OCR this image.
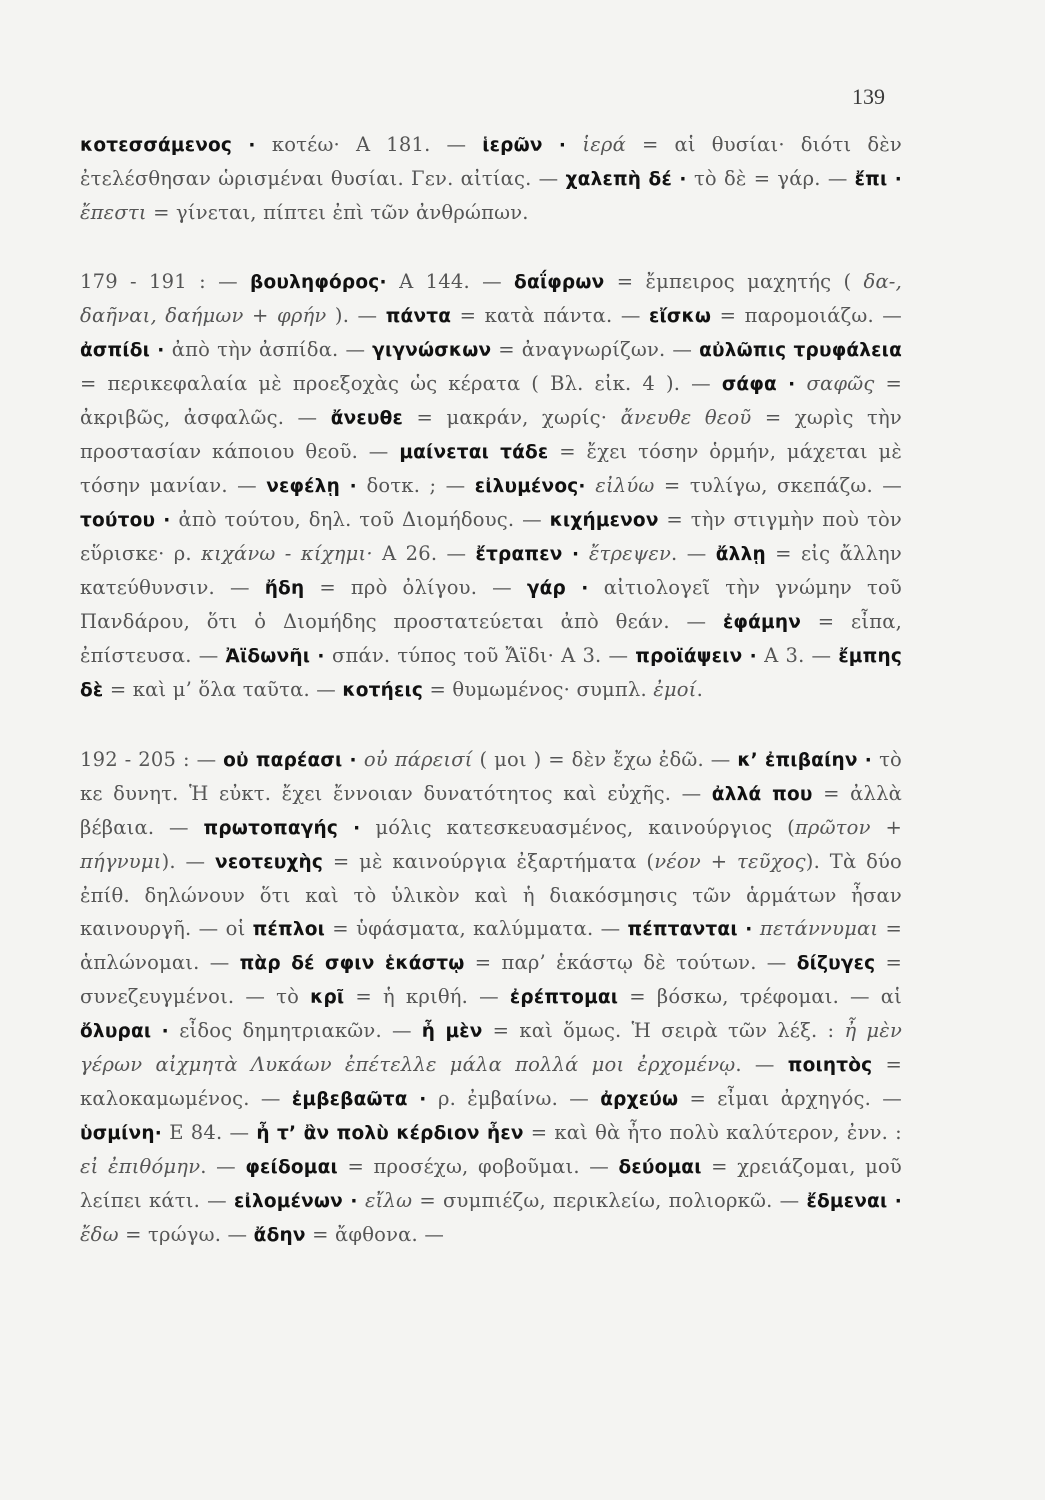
139

κοτεσσάμενος · κοτέω· Α 181. — ἱερῶν · ἱερά = αἱ θυσίαι· διότι δὲν ἐτελέσθησαν ὡρισμέναι θυσίαι. Γεν. αἰτίας. — χαλεπὴ δέ · τὸ δὲ = γάρ. — ἔπι · ἔπεστι = γίνεται, πίπτει ἐπὶ τῶν ἀνθρώπων.

179 - 191 : — βουληφόρος· Α 144. — δαΐφρων = ἔμπειρος μαχητής ( δα-, δαῆναι, δαήμων + φρήν ). — πάντα = κατὰ πάντα. — εἴσκω = παρομοιάζω. — ἀσπίδι · ἀπὸ τὴν ἀσπίδα. — γιγνώσκων = ἀναγνωρίζων. — αὐλῶπις τρυφάλεια = περικεφαλαία μὲ προεξοχὰς ὡς κέρατα ( Βλ. εἰκ. 4 ). — σάφα · σαφῶς = ἀκριβῶς, ἀσφαλῶς. — ἄνευθε = μακράν, χωρίς· ἄνευθε θεοῦ = χωρὶς τὴν προστασίαν κάποιου θεοῦ. — μαίνεται τάδε = ἔχει τόσην ὁρμήν, μάχεται μὲ τόσην μανίαν. — νεφέλῃ · δοτκ. ; — εἰλυμένος· εἰλύω = τυλίγω, σκεπάζω. — τούτου · ἀπὸ τούτου, δηλ. τοῦ Διομήδους. — κιχήμενον = τὴν στιγμὴν ποὺ τὸν εὕρισκε· ρ. κιχάνω - κίχημι· Α 26. — ἔτραπεν · ἔτρεψεν. — ἄλλῃ = εἰς ἄλλην κατεύθυνσιν. — ἤδη = πρὸ ὀλίγου. — γάρ · αἰτιολογεῖ τὴν γνώμην τοῦ Πανδάρου, ὅτι ὁ Διομήδης προστατεύεται ἀπὸ θεάν. — ἐφάμην = εἶπα, ἐπίστευσα. — Ἀϊδωνῆι · σπάν. τύπος τοῦ Ἄϊδι· Α 3. — προϊάψειν · Α 3. — ἔμπης δὲ = καὶ μ’ ὅλα ταῦτα. — κοτήεις = θυμωμένος· συμπλ. ἐμοί.

192 - 205 : — οὐ παρέασι · οὐ πάρεισί ( μοι ) = δὲν ἔχω ἐδῶ. — κ’ ἐπιβαίην · τὸ κε δυνητ. Ἡ εὐκτ. ἔχει ἔννοιαν δυνατότητος καὶ εὐχῆς. — ἀλλά που = ἀλλὰ βέβαια. — πρωτοπαγής · μόλις κατεσκευασμένος, καινούργιος (πρῶτον + πήγνυμι). — νεοτευχὴς = μὲ καινούργια ἐξαρτήματα (νέον + τεῦχος). Τὰ δύο ἐπίθ. δηλώνουν ὅτι καὶ τὸ ὑλικὸν καὶ ἡ διακόσμησις τῶν ἁρμάτων ἦσαν καινουργῆ. — οἱ πέπλοι = ὑφάσματα, καλύμματα. — πέπτανται · πετάννυμαι = ἁπλώνομαι. — πὰρ δέ σφιν ἑκάστῳ = παρ’ ἑκάστῳ δὲ τούτων. — δίζυγες = συνεζευγμένοι. — τὸ κρῖ = ἡ κριθή. — ἐρέπτομαι = βόσκω, τρέφομαι. — αἱ ὄλυραι · εἶδος δημητριακῶν. — ἦ μὲν = καὶ ὅμως. Ἡ σειρὰ τῶν λέξ. : ἦ μὲν γέρων αἰχμητὰ Λυκάων ἐπέτελλε μάλα πολλά μοι ἐρχομένῳ. — ποιητὸς = καλοκαμωμένος. — ἐμβεβαῶτα · ρ. ἐμβαίνω. — ἀρχεύω = εἶμαι ἀρχηγός. — ὑσμίνη· Ε 84. — ἦ τ’ ἂν πολὺ κέρδιον ἦεν = καὶ θὰ ἦτο πολὺ καλύτερον, ἐνν. : εἰ ἐπιθόμην. — φείδομαι = προσέχω, φοβοῦμαι. — δεύομαι = χρειάζομαι, μοῦ λείπει κάτι. — εἰλομένων · εἴλω = συμπιέζω, περικλείω, πολιορκῶ. — ἔδμεναι · ἔδω = τρώγω. — ἄδην = ἄφθονα. —
